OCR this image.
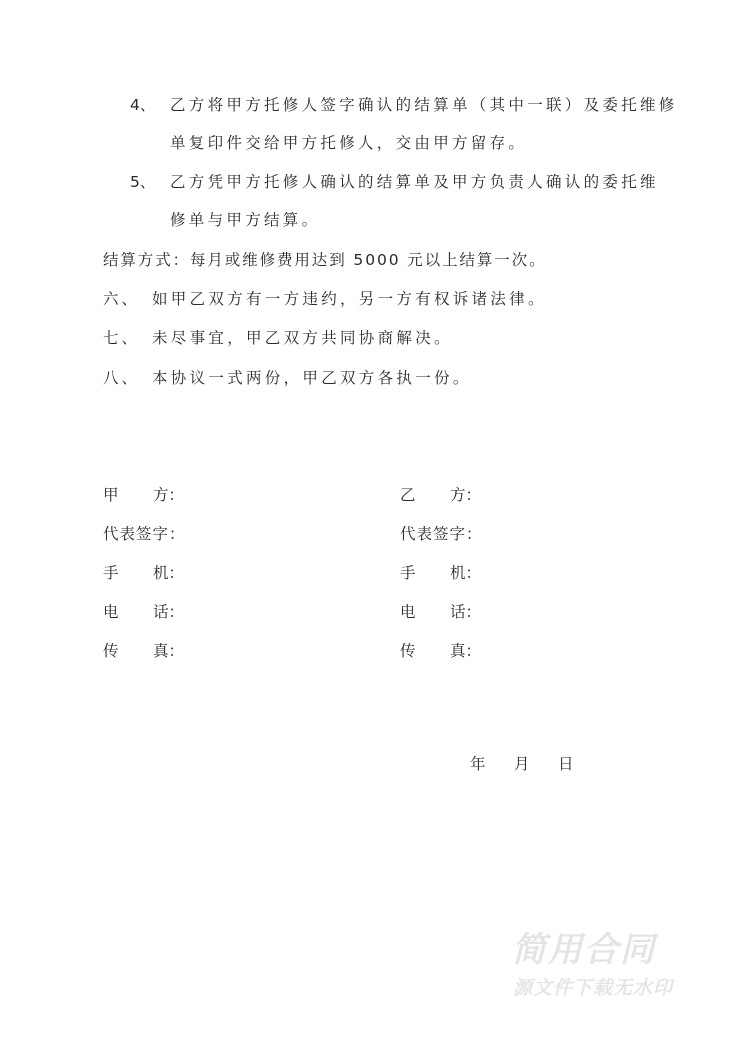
4、 乙方将甲方托修人签字确认的结算单（其中一联）及委托维修
单复印件交给甲方托修人，交由甲方留存。
5、 乙方凭甲方托修人确认的结算单及甲方负责人确认的委托维
修单与甲方结算。
结算方式：每月或维修费用达到 5000 元以上结算一次。
六、 如甲乙双方有一方违约，另一方有权诉诸法律。
七、 未尽事宜，甲乙双方共同协商解决。
八、 本协议一式两份，甲乙双方各执一份。
甲 方：
代表签字：
手 机：
电 话：
传 真：
乙 方：
代表签字：
手 机：
电 话：
传 真：
年 月 日
简用合同
源文件下载无水印
